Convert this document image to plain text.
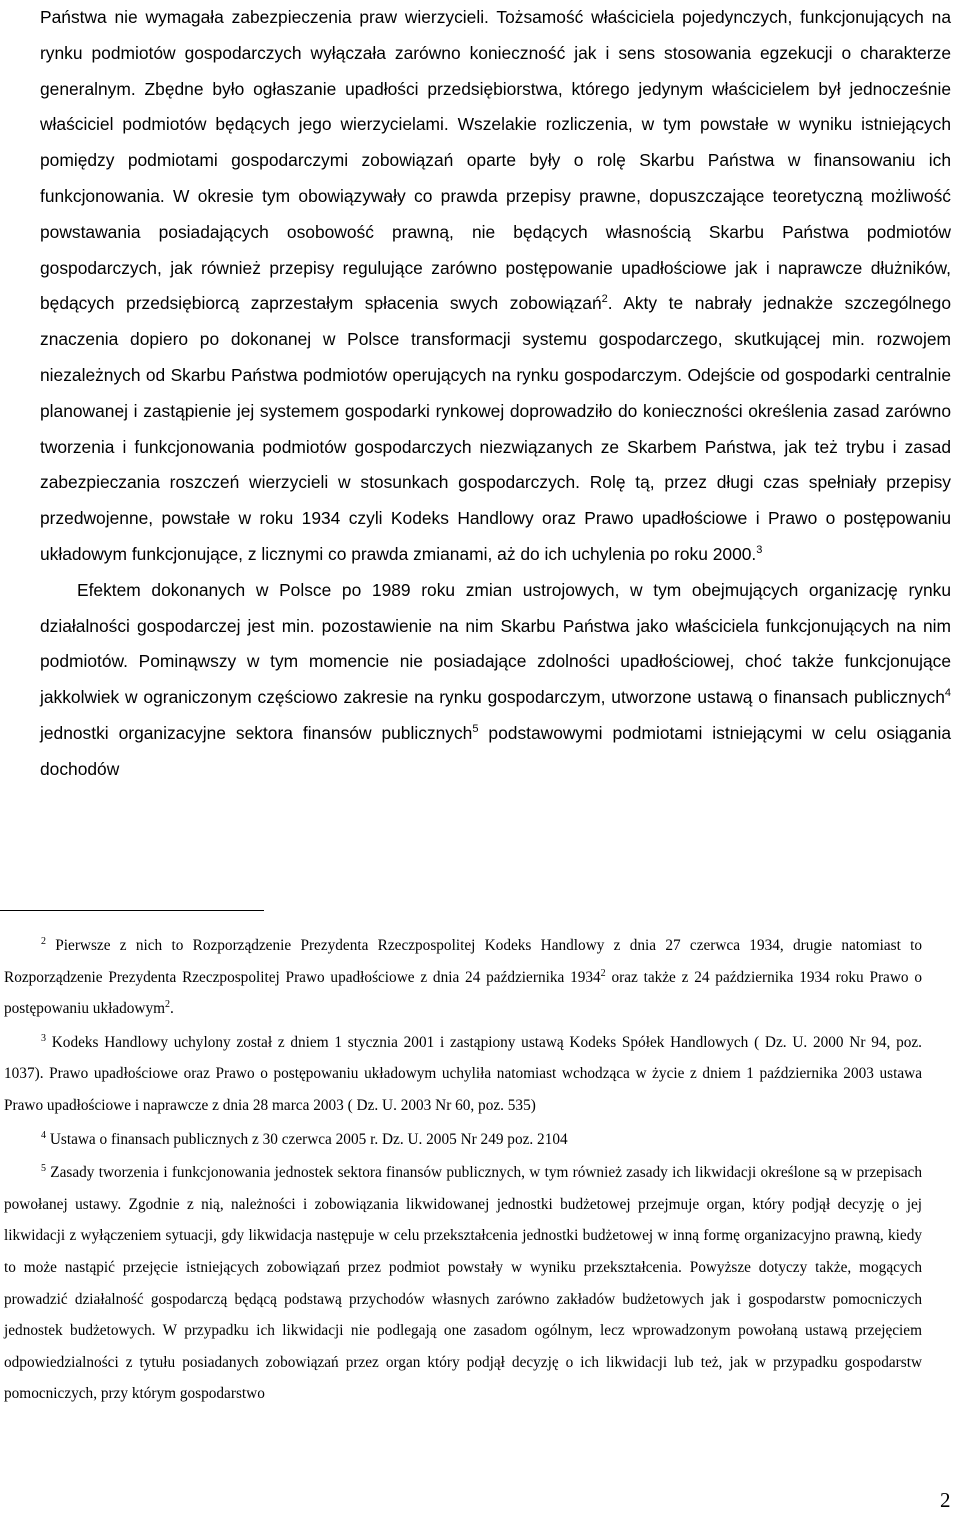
Państwa nie wymagała zabezpieczenia praw wierzycieli. Tożsamość właściciela pojedynczych, funkcjonujących na rynku podmiotów gospodarczych wyłączała zarówno konieczność jak i sens stosowania egzekucji o charakterze generalnym. Zbędne było ogłaszanie upadłości przedsiębiorstwa, którego jedynym właścicielem był jednocześnie właściciel podmiotów będących jego wierzycielami. Wszelakie rozliczenia, w tym powstałe w wyniku istniejących pomiędzy podmiotami gospodarczymi zobowiązań oparte były o rolę Skarbu Państwa w finansowaniu ich funkcjonowania. W okresie tym obowiązywały co prawda przepisy prawne, dopuszczające teoretyczną możliwość powstawania posiadających osobowość prawną, nie będących własnością Skarbu Państwa podmiotów gospodarczych, jak również przepisy regulujące zarówno postępowanie upadłościowe jak i naprawcze dłużników, będących przedsiębiorcą zaprzestałym spłacenia swych zobowiązań$^2$. Akty te nabrały jednakże szczególnego znaczenia dopiero po dokonanej w Polsce transformacji systemu gospodarczego, skutkującej min. rozwojem niezależnych od Skarbu Państwa podmiotów operujących na rynku gospodarczym. Odejście od gospodarki centralnie planowanej i zastąpienie jej systemem gospodarki rynkowej doprowadziło do konieczności określenia zasad zarówno tworzenia i funkcjonowania podmiotów gospodarczych niezwiązanych ze Skarbem Państwa, jak też trybu i zasad zabezpieczania roszczeń wierzycieli w stosunkach gospodarczych. Rolę tą, przez długi czas spełniały przepisy przedwojenne, powstałe w roku 1934 czyli Kodeks Handlowy oraz Prawo upadłościowe i Prawo o postępowaniu układowym funkcjonujące, z licznymi co prawda zmianami, aż do ich uchylenia po roku 2000.$^3$

Efektem dokonanych w Polsce po 1989 roku zmian ustrojowych, w tym obejmujących organizację rynku działalności gospodarczej jest min. pozostawienie na nim Skarbu Państwa jako właściciela funkcjonujących na nim podmiotów. Pominąwszy w tym momencie nie posiadające zdolności upadłościowej, choć także funkcjonujące jakkolwiek w ograniczonym częściowo zakresie na rynku gospodarczym, utworzone ustawą o finansach publicznych$^4$ jednostki organizacyjne sektora finansów publicznych$^5$ podstawowymi podmiotami istniejącymi w celu osiągania dochodów

$^2$ Pierwsze z nich to Rozporządzenie Prezydenta Rzeczpospolitej Kodeks Handlowy z dnia 27 czerwca 1934, drugie natomiast to Rozporządzenie Prezydenta Rzeczpospolitej Prawo upadłościowe z dnia 24 października 1934$^2$ oraz także z 24 października 1934 roku Prawo o postępowaniu układowym$^2$.

$^3$ Kodeks Handlowy uchylony został z dniem 1 stycznia 2001 i zastąpiony ustawą Kodeks Spółek Handlowych ( Dz. U. 2000 Nr 94, poz. 1037). Prawo upadłościowe oraz Prawo o postępowaniu układowym uchyliła natomiast wchodząca w życie z dniem 1 października 2003 ustawa Prawo upadłościowe i naprawcze z dnia 28 marca 2003 ( Dz. U. 2003 Nr 60, poz. 535)

$^4$ Ustawa o finansach publicznych z 30 czerwca 2005 r. Dz. U. 2005 Nr 249 poz. 2104

$^5$ Zasady tworzenia i funkcjonowania jednostek sektora finansów publicznych, w tym również zasady ich likwidacji określone są w przepisach powołanej ustawy. Zgodnie z nią, należności i zobowiązania likwidowanej jednostki budżetowej przejmuje organ, który podjął decyzję o jej likwidacji z wyłączeniem sytuacji, gdy likwidacja następuje w celu przekształcenia jednostki budżetowej w inną formę organizacyjno prawną, kiedy to może nastąpić przejęcie istniejących zobowiązań przez podmiot powstały w wyniku przekształcenia. Powyższe dotyczy także, mogących prowadzić działalność gospodarczą będącą podstawą przychodów własnych zarówno zakładów budżetowych jak i gospodarstw pomocniczych jednostek budżetowych. W przypadku ich likwidacji nie podlegają one zasadom ogólnym, lecz wprowadzonym powołaną ustawą przejęciem odpowiedzialności z tytułu posiadanych zobowiązań przez organ który podjął decyzję o ich likwidacji lub też, jak w przypadku gospodarstw pomocniczych, przy którym gospodarstwo

2
